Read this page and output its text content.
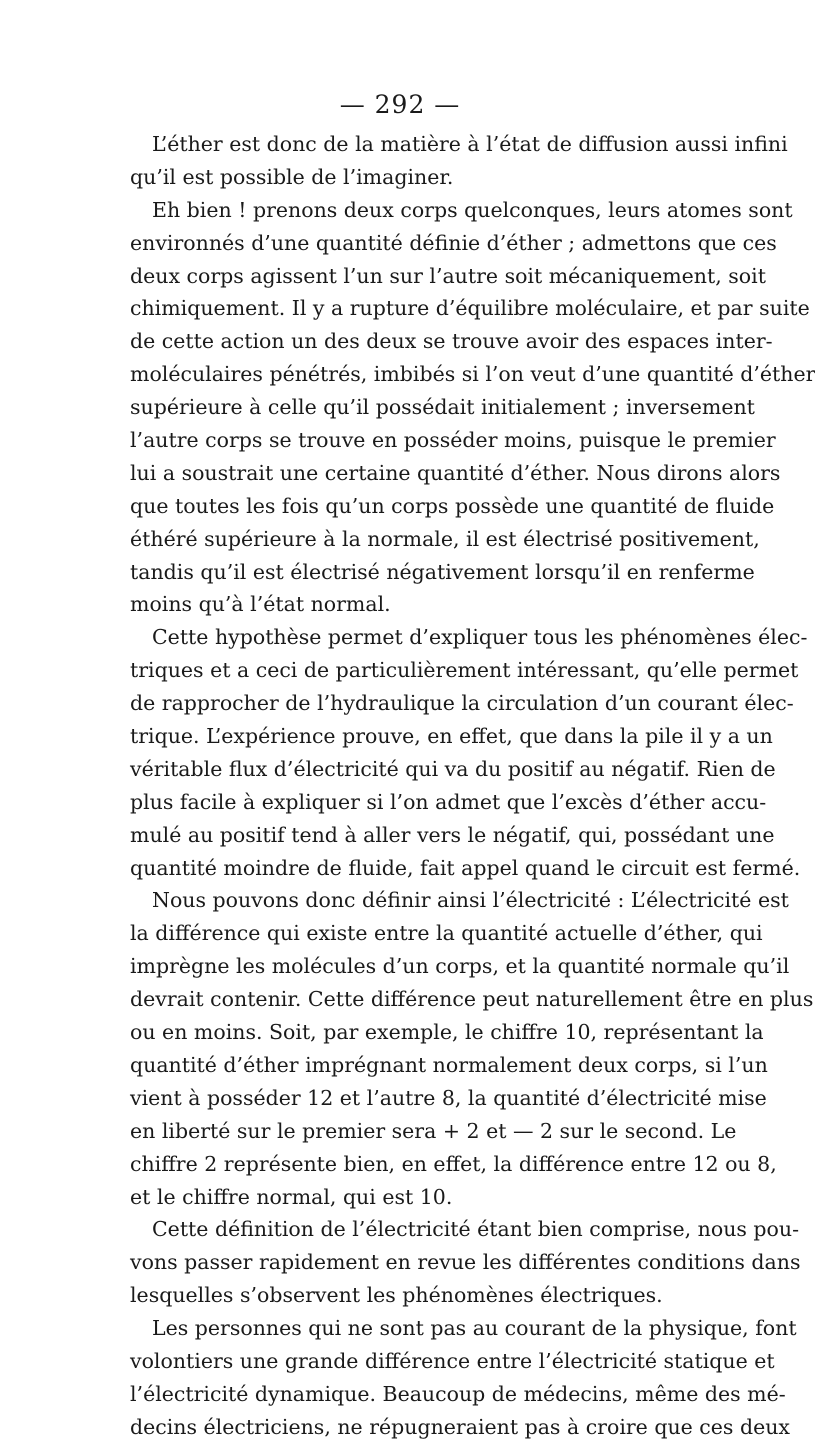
— 292 —
L’éther est donc de la matière à l’état de diffusion aussi infini
qu’il est possible de l’imaginer.
Eh bien ! prenons deux corps quelconques, leurs atomes sont
environnés d’une quantité définie d’éther ; admettons que ces
deux corps agissent l’un sur l’autre soit mécaniquement, soit
chimiquement. Il y a rupture d’équilibre moléculaire, et par suite
de cette action un des deux se trouve avoir des espaces inter-
moléculaires pénétrés, imbibés si l’on veut d’une quantité d’éther
supérieure à celle qu’il possédait initialement ; inversement
l’autre corps se trouve en posséder moins, puisque le premier
lui a soustrait une certaine quantité d’éther. Nous dirons alors
que toutes les fois qu’un corps possède une quantité de fluide
éthéré supérieure à la normale, il est électrisé positivement,
tandis qu’il est électrisé négativement lorsqu’il en renferme
moins qu’à l’état normal.
Cette hypothèse permet d’expliquer tous les phénomènes élec-
triques et a ceci de particulièrement intéressant, qu’elle permet
de rapprocher de l’hydraulique la circulation d’un courant élec-
trique. L’expérience prouve, en effet, que dans la pile il y a un
véritable flux d’électricité qui va du positif au négatif. Rien de
plus facile à expliquer si l’on admet que l’excès d’éther accu-
mulé au positif tend à aller vers le négatif, qui, possédant une
quantité moindre de fluide, fait appel quand le circuit est fermé.
Nous pouvons donc définir ainsi l’électricité : L’électricité est
la différence qui existe entre la quantité actuelle d’éther, qui
imprègne les molécules d’un corps, et la quantité normale qu’il
devrait contenir. Cette différence peut naturellement être en plus
ou en moins. Soit, par exemple, le chiffre 10, représentant la
quantité d’éther imprégnant normalement deux corps, si l’un
vient à posséder 12 et l’autre 8, la quantité d’électricité mise
en liberté sur le premier sera + 2 et — 2 sur le second. Le
chiffre 2 représente bien, en effet, la différence entre 12 ou 8,
et le chiffre normal, qui est 10.
Cette définition de l’électricité étant bien comprise, nous pou-
vons passer rapidement en revue les différentes conditions dans
lesquelles s’observent les phénomènes électriques.
Les personnes qui ne sont pas au courant de la physique, font
volontiers une grande différence entre l’électricité statique et
l’électricité dynamique. Beaucoup de médecins, même des mé-
decins électriciens, ne répugneraient pas à croire que ces deux
